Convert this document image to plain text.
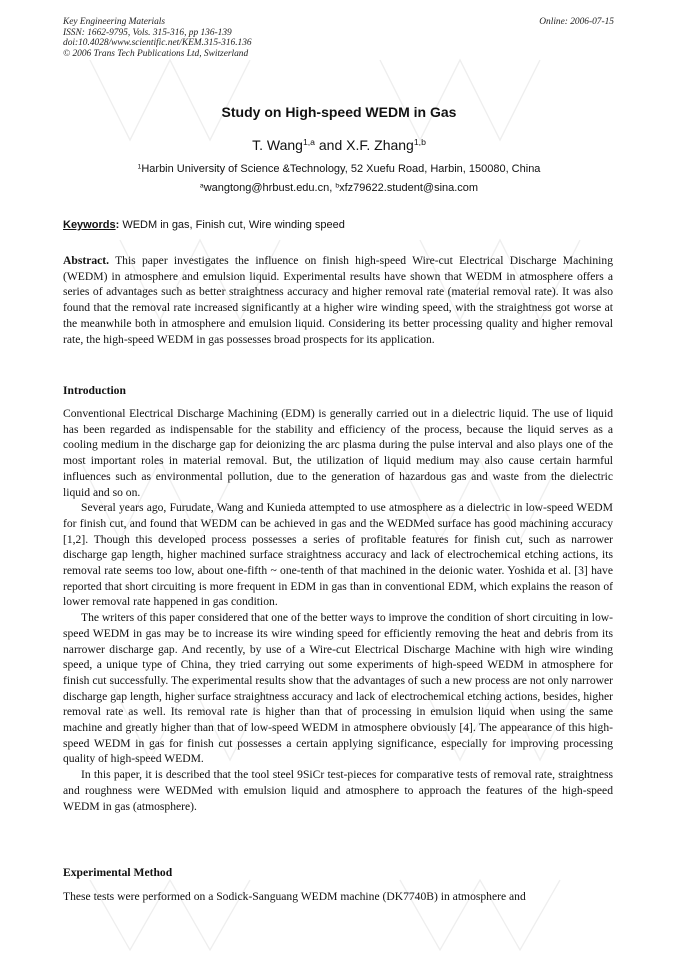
Key Engineering Materials
ISSN: 1662-9795, Vols. 315-316, pp 136-139
doi:10.4028/www.scientific.net/KEM.315-316.136
© 2006 Trans Tech Publications Ltd, Switzerland
Online: 2006-07-15
Study on High-speed WEDM in Gas
T. Wang$^{1,a}$ and X.F. Zhang$^{1,b}$
$^1$Harbin University of Science &Technology, 52 Xuefu Road, Harbin, 150080, China
$^a$wangtong@hrbust.edu.cn, $^b$xfz79622.student@sina.com
Keywords: WEDM in gas, Finish cut, Wire winding speed

Abstract. This paper investigates the influence on finish high-speed Wire-cut Electrical Discharge Machining (WEDM) in atmosphere and emulsion liquid. Experimental results have shown that WEDM in atmosphere offers a series of advantages such as better straightness accuracy and higher removal rate (material removal rate). It was also found that the removal rate increased significantly at a higher wire winding speed, with the straightness got worse at the meanwhile both in atmosphere and emulsion liquid. Considering its better processing quality and higher removal rate, the high-speed WEDM in gas possesses broad prospects for its application.

Introduction

Conventional Electrical Discharge Machining (EDM) is generally carried out in a dielectric liquid. The use of liquid has been regarded as indispensable for the stability and efficiency of the process, because the liquid serves as a cooling medium in the discharge gap for deionizing the arc plasma during the pulse interval and also plays one of the most important roles in material removal. But, the utilization of liquid medium may also cause certain harmful influences such as environmental pollution, due to the generation of hazardous gas and waste from the dielectric liquid and so on.

Several years ago, Furudate, Wang and Kunieda attempted to use atmosphere as a dielectric in low-speed WEDM for finish cut, and found that WEDM can be achieved in gas and the WEDMed surface has good machining accuracy [1,2]. Though this developed process possesses a series of profitable features for finish cut, such as narrower discharge gap length, higher machined surface straightness accuracy and lack of electrochemical etching actions, its removal rate seems too low, about one-fifth ~ one-tenth of that machined in the deionic water. Yoshida et al. [3] have reported that short circuiting is more frequent in EDM in gas than in conventional EDM, which explains the reason of lower removal rate happened in gas condition.

The writers of this paper considered that one of the better ways to improve the condition of short circuiting in low-speed WEDM in gas may be to increase its wire winding speed for efficiently removing the heat and debris from its narrower discharge gap. And recently, by use of a Wire-cut Electrical Discharge Machine with high wire winding speed, a unique type of China, they tried carrying out some experiments of high-speed WEDM in atmosphere for finish cut successfully. The experimental results show that the advantages of such a new process are not only narrower discharge gap length, higher surface straightness accuracy and lack of electrochemical etching actions, besides, higher removal rate as well. Its removal rate is higher than that of processing in emulsion liquid when using the same machine and greatly higher than that of low-speed WEDM in atmosphere obviously [4]. The appearance of this high-speed WEDM in gas for finish cut possesses a certain applying significance, especially for improving processing quality of high-speed WEDM.

In this paper, it is described that the tool steel 9SiCr test-pieces for comparative tests of removal rate, straightness and roughness were WEDMed with emulsion liquid and atmosphere to approach the features of the high-speed WEDM in gas (atmosphere).

Experimental Method

These tests were performed on a Sodick-Sanguang WEDM machine (DK7740B) in atmosphere and
